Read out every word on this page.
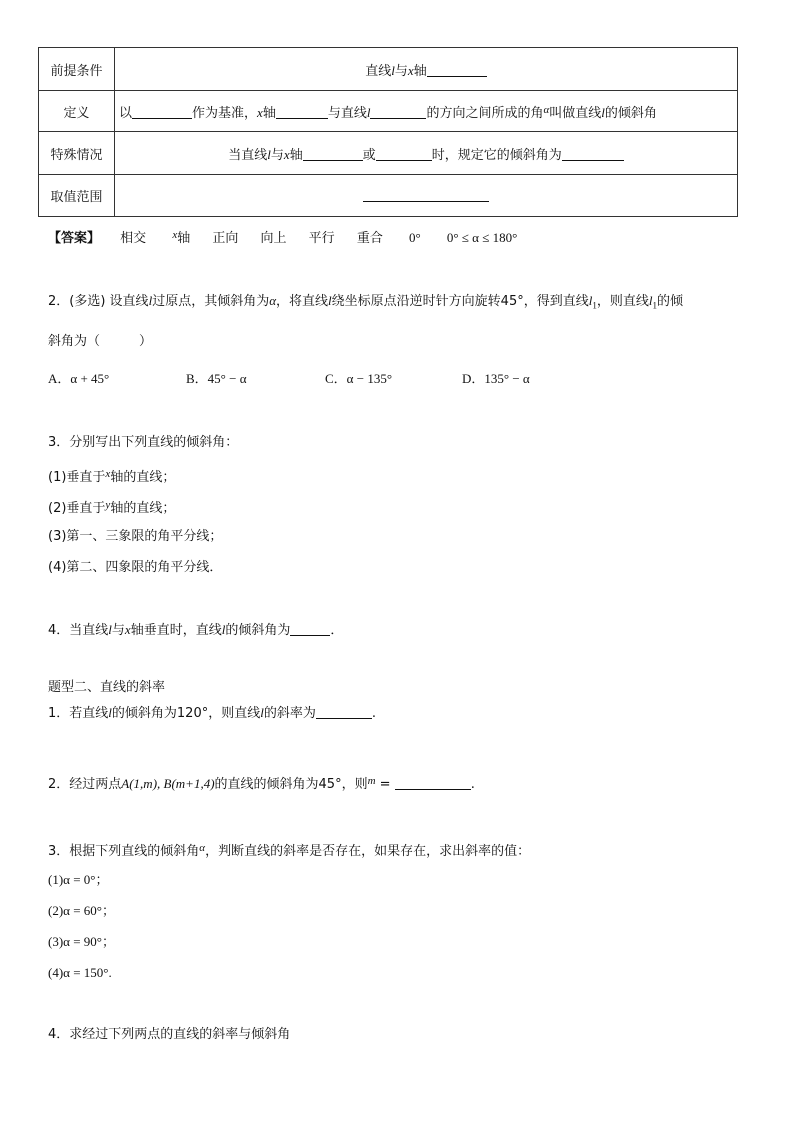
前提条件	直线l与x轴
定义	以 作为基准，x轴 与直线l 的方向之间所成的角$^\alpha$叫做直线l的倾斜角

特殊情况	当直线l与x轴 或 时，规定它的倾斜角为
取值范围	
【答案】 相交 $^x$轴 正向 向上 平行 重合 0° 0° ≤ α ≤ 180°
2．(多选) 设直线l过原点，其倾斜角为α，将直线l绕坐标原点沿逆时针方向旋转45°，得到直线$l_1$，则直线$l_1$的倾
斜角为（　　　）
A．α + 45°	B．45° − α	C．α − 135°	D．135° − α
3．分别写出下列直线的倾斜角：
(1)垂直于$^x$轴的直线；
(2)垂直于$^y$轴的直线；
(3)第一、三象限的角平分线；
(4)第二、四象限的角平分线．
4．当直线l与x轴垂直时，直线l的倾斜角为	．
题型二、直线的斜率
1．若直线l的倾斜角为120°，则直线l的斜率为	.
2．经过两点A(1,m), B(m+1,4)的直线的倾斜角为45°，则$^m$ =	.
3．根据下列直线的倾斜角$^\alpha$，判断直线的斜率是否存在，如果存在，求出斜率的值：
(1)α = 0°；
(2)α = 60°；
(3)α = 90°；
(4)α = 150°.
4．求经过下列两点的直线的斜率与倾斜角
